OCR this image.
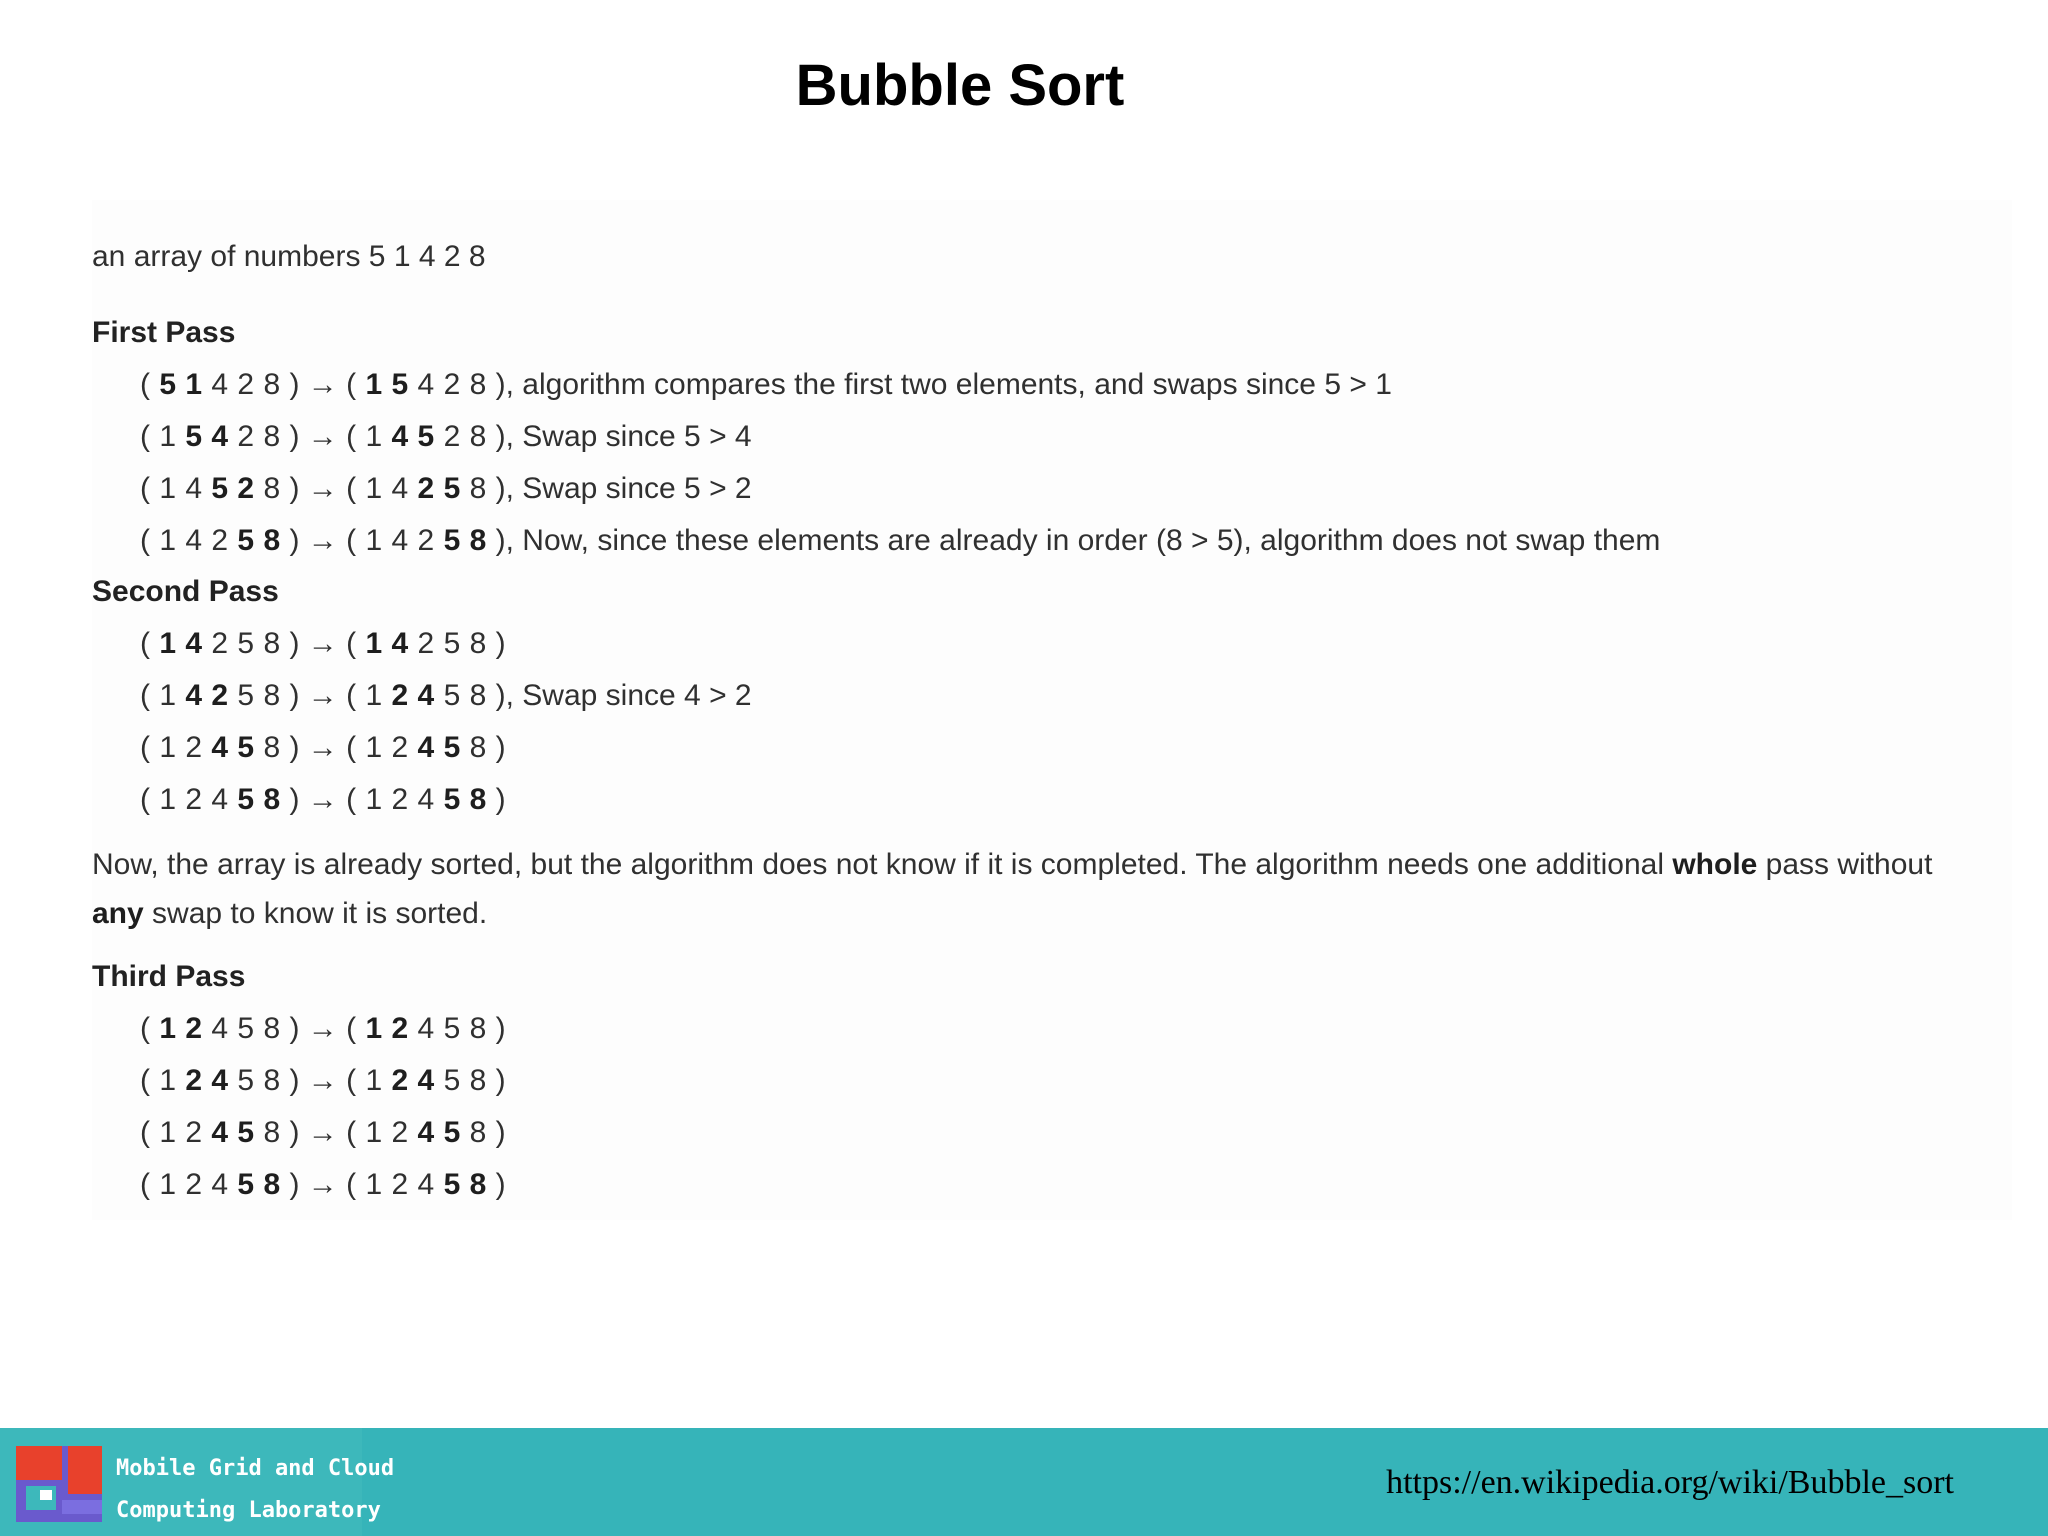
Bubble Sort
an array of numbers 5 1 4 2 8
First Pass
( 5 1 4 2 8 ) → ( 1 5 4 2 8 ), algorithm compares the first two elements, and swaps since 5 > 1
( 1 5 4 2 8 ) → ( 1 4 5 2 8 ), Swap since 5 > 4
( 1 4 5 2 8 ) → ( 1 4 2 5 8 ), Swap since 5 > 2
( 1 4 2 5 8 ) → ( 1 4 2 5 8 ), Now, since these elements are already in order (8 > 5), algorithm does not swap them
Second Pass
( 1 4 2 5 8 ) → ( 1 4 2 5 8 )
( 1 4 2 5 8 ) → ( 1 2 4 5 8 ), Swap since 4 > 2
( 1 2 4 5 8 ) → ( 1 2 4 5 8 )
( 1 2 4 5 8 ) → ( 1 2 4 5 8 )
Now, the array is already sorted, but the algorithm does not know if it is completed. The algorithm needs one additional whole pass without any swap to know it is sorted.
Third Pass
( 1 2 4 5 8 ) → ( 1 2 4 5 8 )
( 1 2 4 5 8 ) → ( 1 2 4 5 8 )
( 1 2 4 5 8 ) → ( 1 2 4 5 8 )
( 1 2 4 5 8 ) → ( 1 2 4 5 8 )
Mobile Grid and Cloud
Computing Laboratory
https://en.wikipedia.org/wiki/Bubble_sort
